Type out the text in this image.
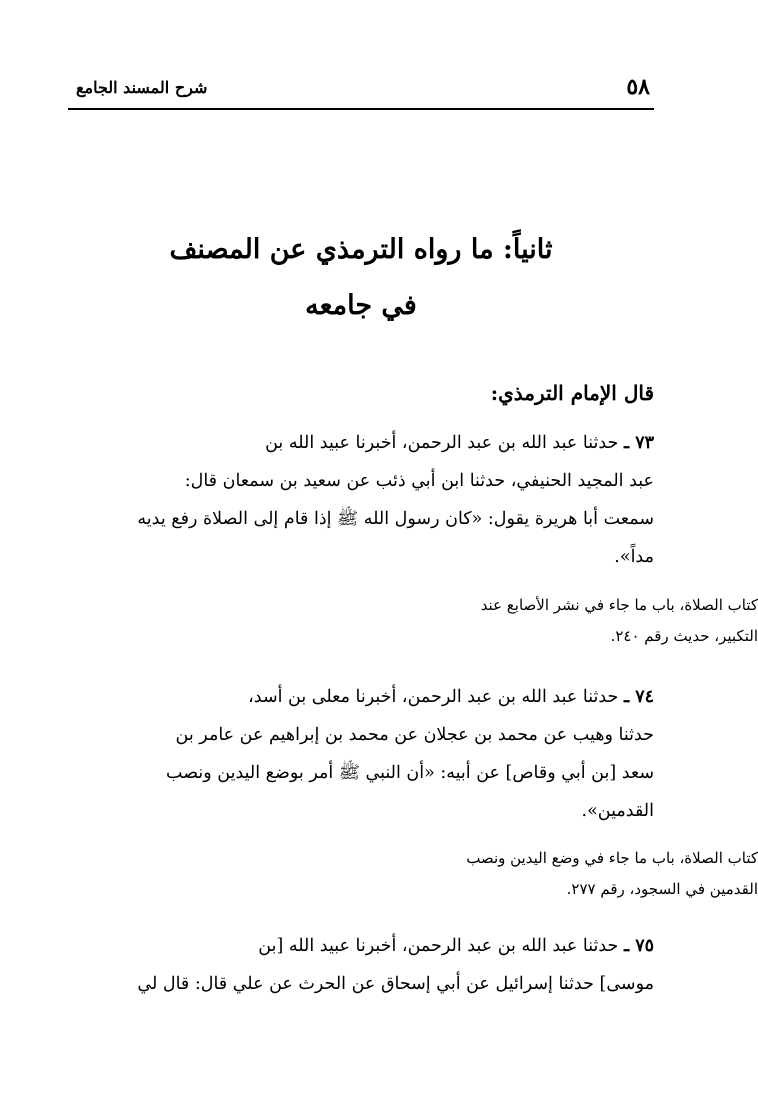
٥٨
شرح المسند الجامع
ثانياً: ما رواه الترمذي عن المصنف
في جامعه
قال الإمام الترمذي:
٧٣ ـ حدثنا عبد الله بن عبد الرحمن، أخبرنا عبيد الله بن
عبد المجيد الحنيفي، حدثنا ابن أبي ذئب عن سعيد بن سمعان قال:
سمعت أبا هريرة يقول: «كان رسول الله ﷺ إذا قام إلى الصلاة رفع يديه
مداً».
كتاب الصلاة، باب ما جاء في نشر الأصابع عند
التكبير، حديث رقم ٢٤٠.
٧٤ ـ حدثنا عبد الله بن عبد الرحمن، أخبرنا معلى بن أسد،
حدثنا وهيب عن محمد بن عجلان عن محمد بن إبراهيم عن عامر بن
سعد [بن أبي وقاص] عن أبيه: «أن النبي ﷺ أمر بوضع اليدين ونصب
القدمين».
كتاب الصلاة، باب ما جاء في وضع اليدين ونصب
القدمين في السجود، رقم ٢٧٧.
٧٥ ـ حدثنا عبد الله بن عبد الرحمن، أخبرنا عبيد الله [بن
موسى] حدثنا إسرائيل عن أبي إسحاق عن الحرث عن علي قال: قال لي
